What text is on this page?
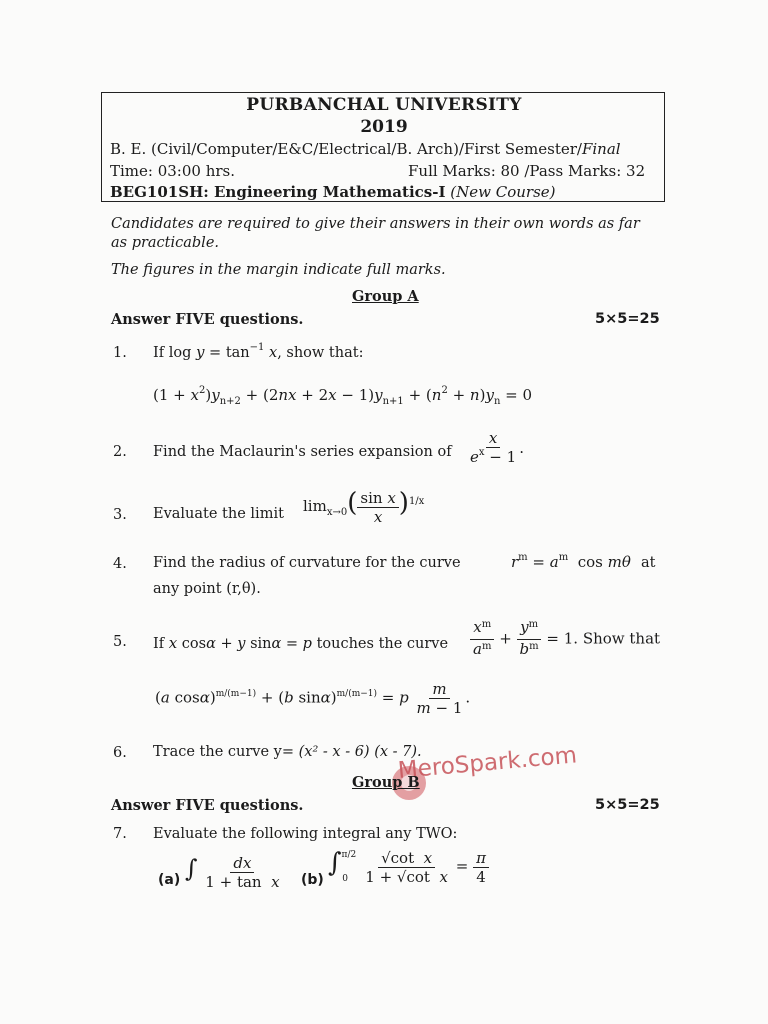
PURBANCHAL UNIVERSITY
2019
B. E. (Civil/Computer/E&C/Electrical/B. Arch)/First Semester/Final
Time: 03:00 hrs.	Full Marks: 80 /Pass Marks: 32
BEG101SH: Engineering Mathematics-I (New Course)
Candidates are required to give their answers in their own words as far
as practicable.
The figures in the margin indicate full marks.
Group A
Answer FIVE questions.	5×5=25
1. If $\log y = \tan^{-1} x$, show that:
$(1 + x^2)y_{n+2} + (2nx + 2x - 1)y_{n+1} + (n^2 + n)y_n = 0$
2. Find the Maclaurin's series expansion of $\frac{x}{e^x - 1}$ .
3. Evaluate the limit $\lim_{x\to 0}( \frac{\text{sin x}}{x} )^{1/x}$
4. Find the radius of curvature for the curve	$r^m = a^m$  cos mθ at
any point (r,θ).
5. If x cosα + y sinα = p touches the curve $\frac{x^m}{a^m} + \frac{y^m}{b^m} = 1$. Show that
(a cosα)$^{m/(m-1)}$ + (b sinα)$^{m/(m-1)}$ = p $\frac{m}{m - 1}$ .
6. Trace the curve y= (x² - x - 6) (x - 7).
MeroSpark.com
Group B
Answer FIVE questions.	5×5=25
7. Evaluate the following integral any TWO:
(a) ∫ $\frac{dx}{\text{1 + tan  x}} (b)$
$\int^{\pi/2}_0 \frac{\text{√cot  x}}{\text{1 + √cot  x}} = \frac{\pi}{4}$
